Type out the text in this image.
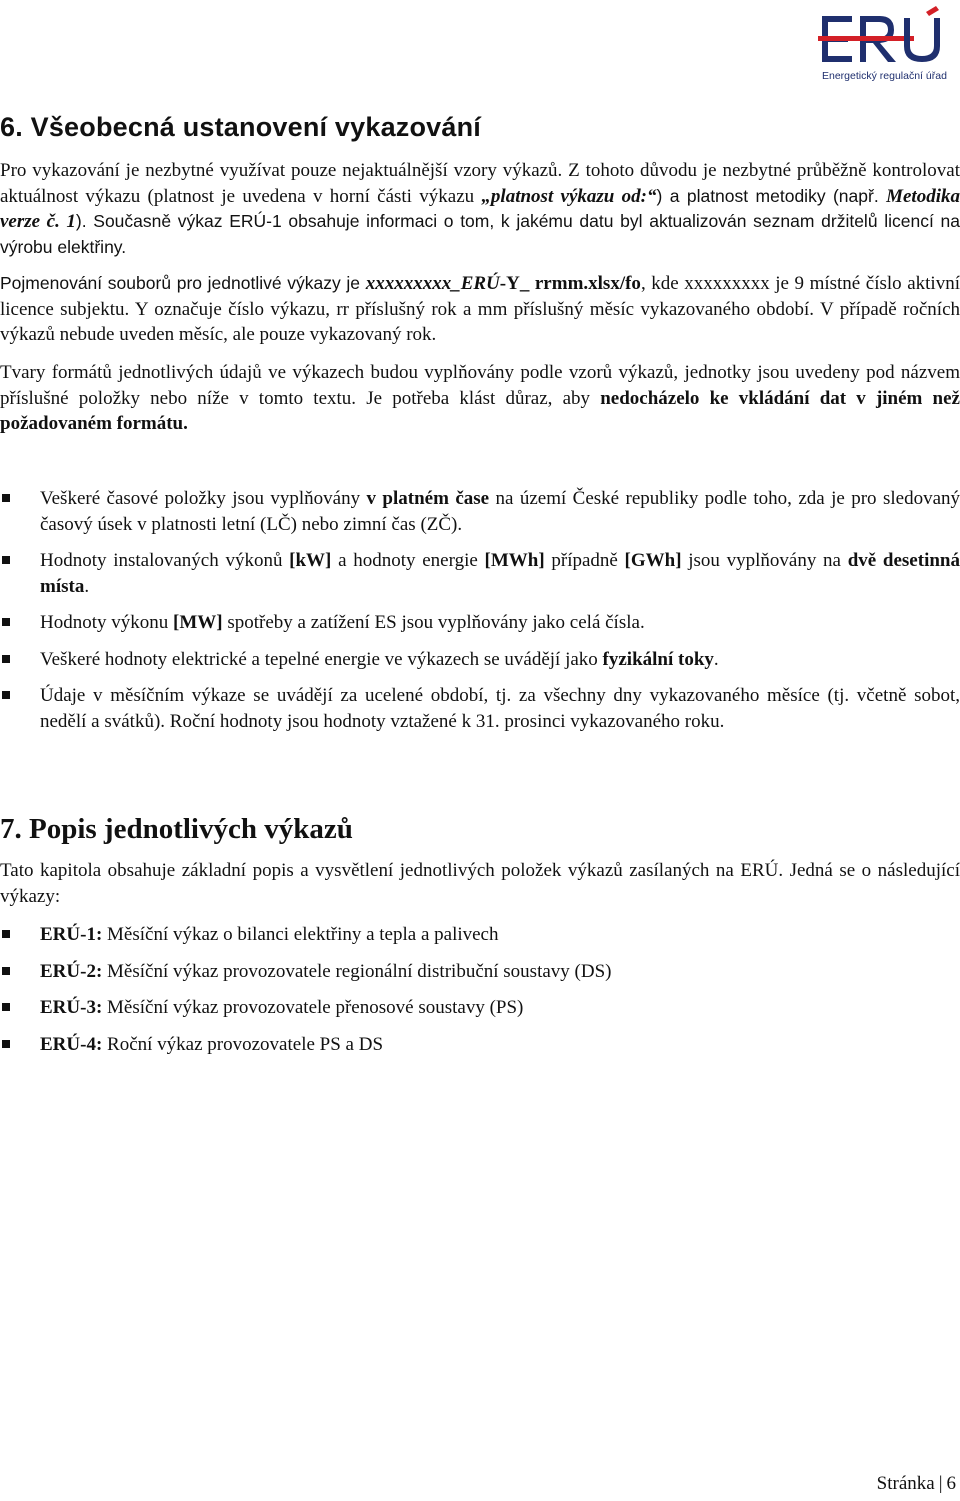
Energetický regulační úřad
6. Všeobecná ustanovení vykazování

Pro vykazování je nezbytné využívat pouze nejaktuálnější vzory výkazů. Z tohoto důvodu je nezbytné průběžně kontrolovat aktuálnost výkazu (platnost je uvedena v horní části výkazu „platnost výkazu od:“) a platnost metodiky (např. Metodika verze č. 1). Současně výkaz ERÚ-1 obsahuje informaci o tom, k jakému datu byl aktualizován seznam držitelů licencí na výrobu elektřiny.

Pojmenování souborů pro jednotlivé výkazy je xxxxxxxxx_ERÚ-Y_ rrmm.xlsx/fo, kde xxxxxxxxx je 9 místné číslo aktivní licence subjektu. Y označuje číslo výkazu, rr příslušný rok a mm příslušný měsíc vykazovaného období. V případě ročních výkazů nebude uveden měsíc, ale pouze vykazovaný rok.

Tvary formátů jednotlivých údajů ve výkazech budou vyplňovány podle vzorů výkazů, jednotky jsou uvedeny pod názvem příslušné položky nebo níže v tomto textu. Je potřeba klást důraz, aby nedocházelo ke vkládání dat v jiném než požadovaném formátu.

Veškeré časové položky jsou vyplňovány v platném čase na území České republiky podle toho, zda je pro sledovaný časový úsek v platnosti letní (LČ) nebo zimní čas (ZČ).
Hodnoty instalovaných výkonů [kW] a hodnoty energie [MWh] případně [GWh] jsou vyplňovány na dvě desetinná místa.
Hodnoty výkonu [MW] spotřeby a zatížení ES jsou vyplňovány jako celá čísla.
Veškeré hodnoty elektrické a tepelné energie ve výkazech se uvádějí jako fyzikální toky.
Údaje v měsíčním výkaze se uvádějí za ucelené období, tj. za všechny dny vykazovaného měsíce (tj. včetně sobot, nedělí a svátků). Roční hodnoty jsou hodnoty vztažené k 31. prosinci vykazovaného roku.
7. Popis jednotlivých výkazů

Tato kapitola obsahuje základní popis a vysvětlení jednotlivých položek výkazů zasílaných na ERÚ. Jedná se o následující výkazy:

ERÚ-1: Měsíční výkaz o bilanci elektřiny a tepla a palivech
ERÚ-2: Měsíční výkaz provozovatele regionální distribuční soustavy (DS)
ERÚ-3: Měsíční výkaz provozovatele přenosové soustavy (PS)
ERÚ-4: Roční výkaz provozovatele PS a DS
Stránka | 6
